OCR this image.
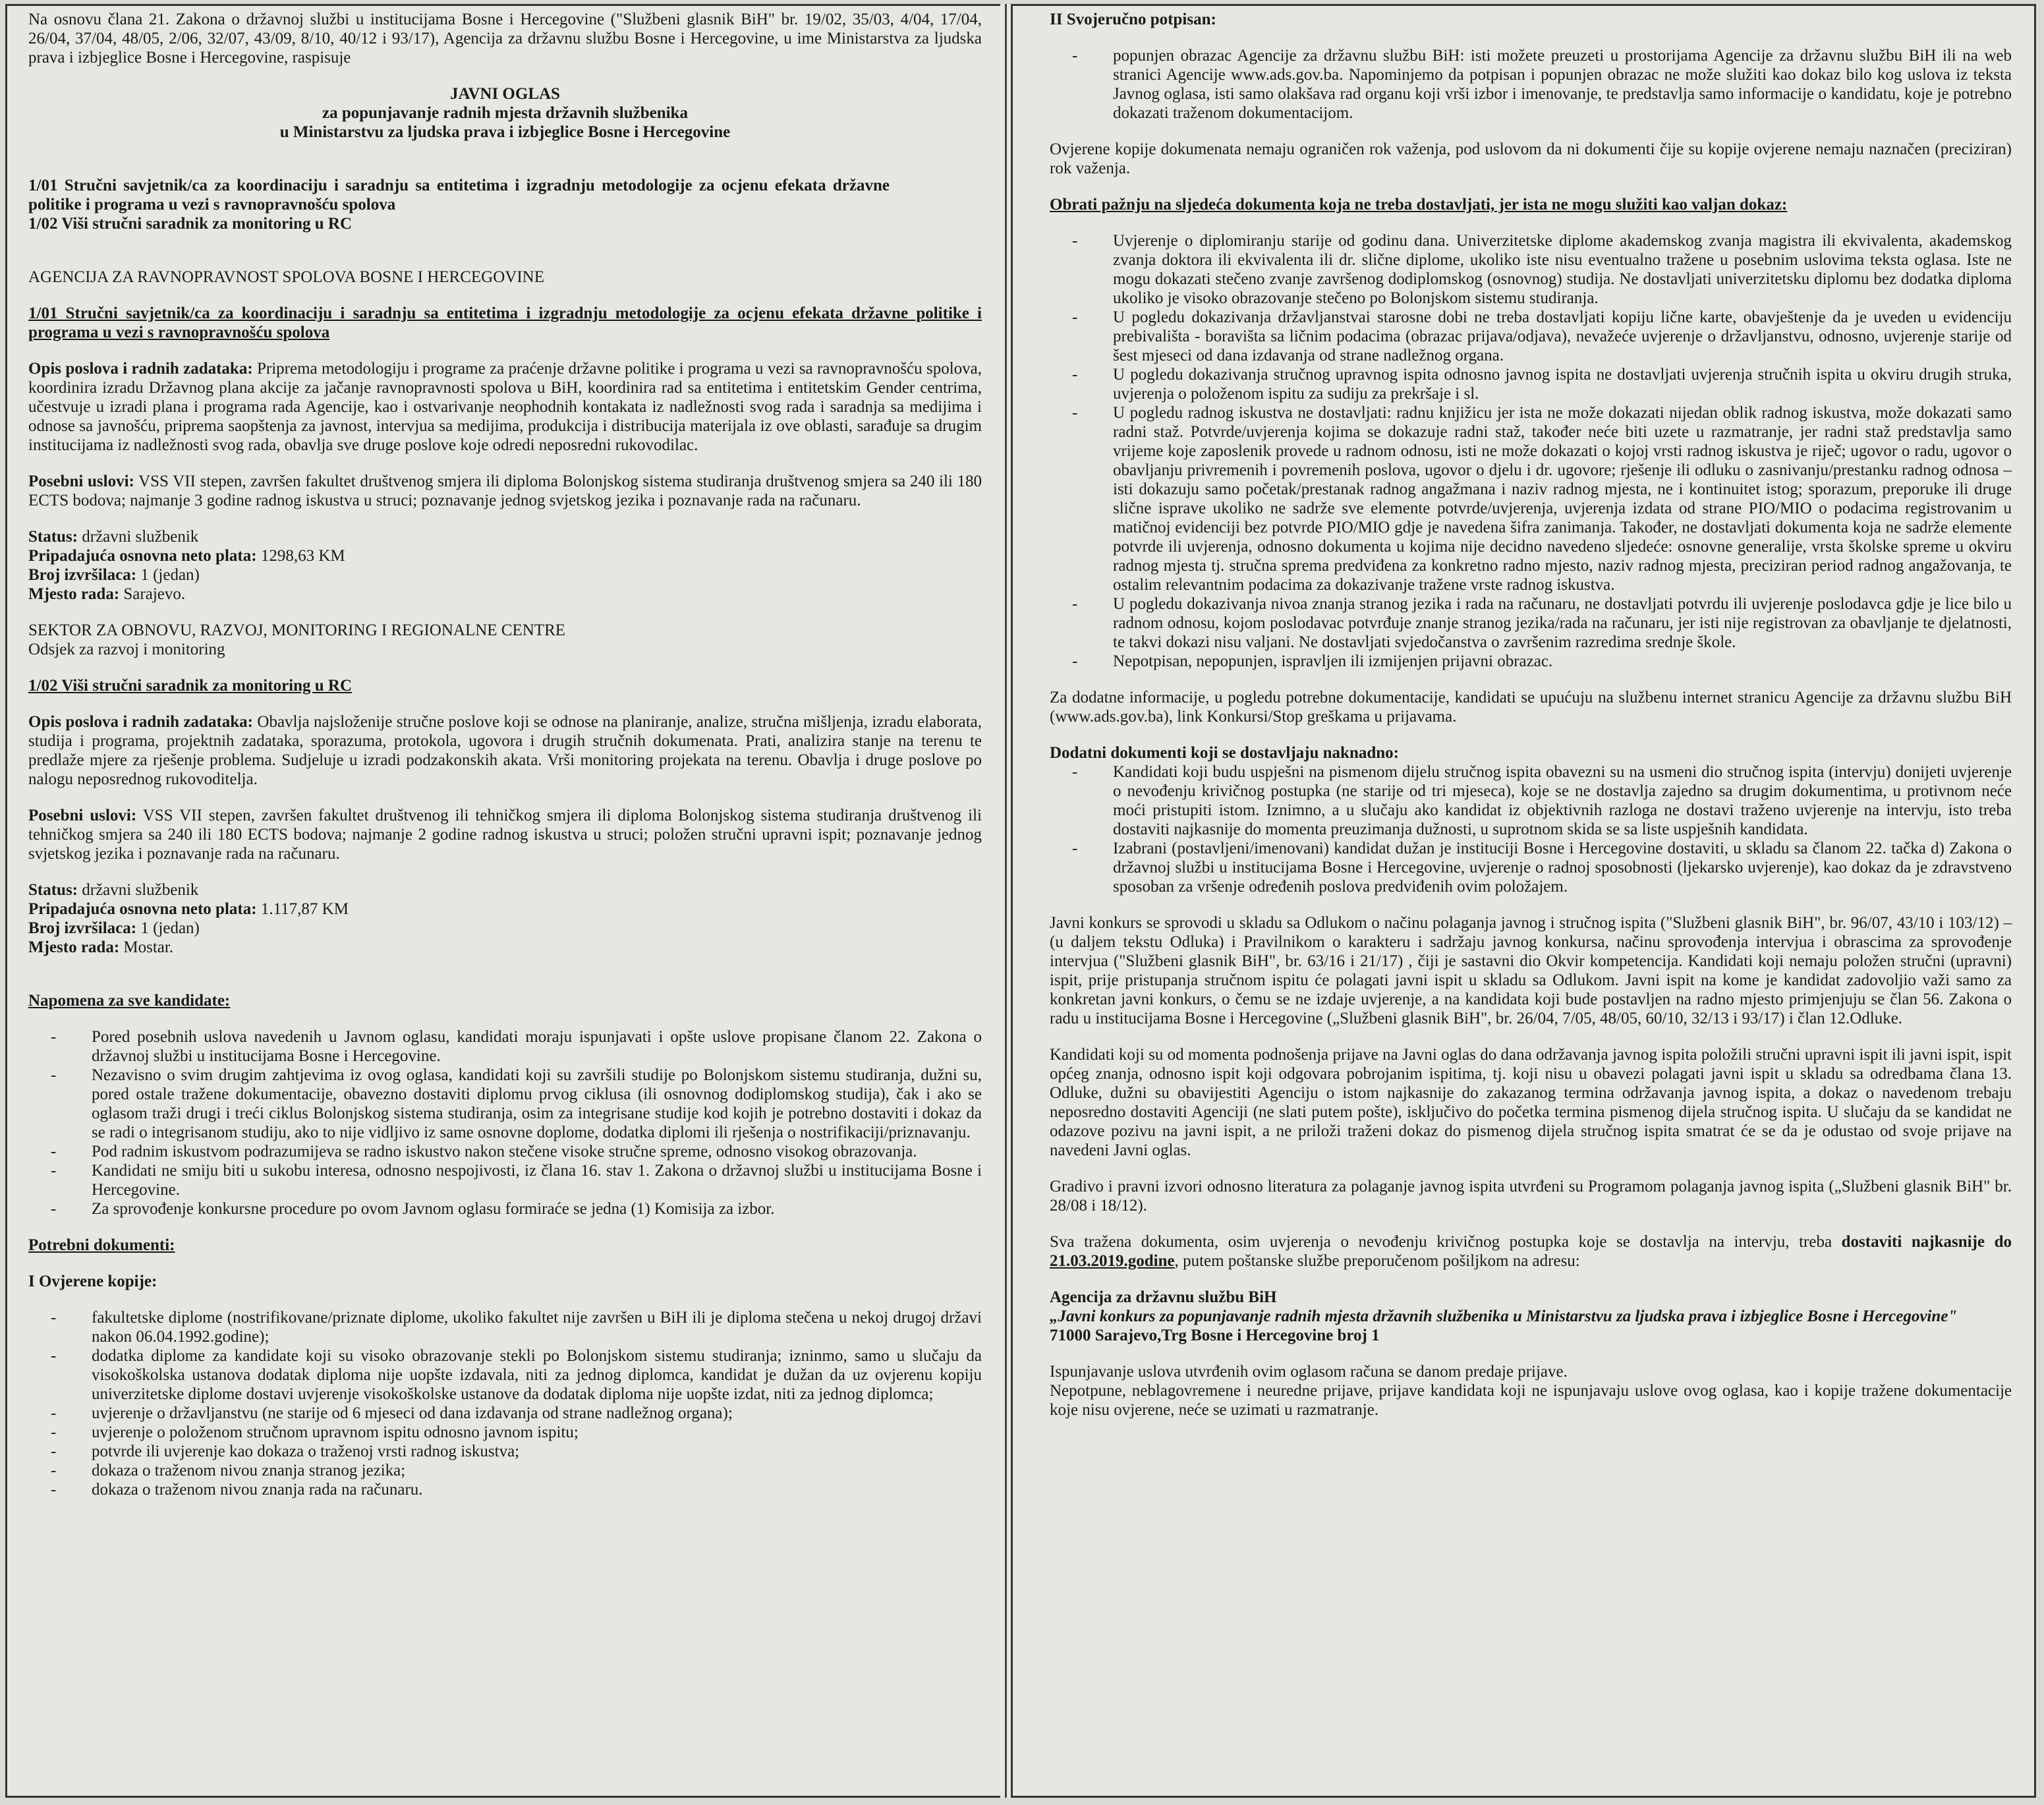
Na osnovu člana 21. Zakona o državnoj službi u institucijama Bosne i Hercegovine ("Službeni glasnik BiH" br. 19/02, 35/03, 4/04, 17/04, 26/04, 37/04, 48/05, 2/06, 32/07, 43/09, 8/10, 40/12 i 93/17), Agencija za državnu službu Bosne i Hercegovine, u ime Ministarstva za ljudska prava i izbjeglice Bosne i Hercegovine, raspisuje

JAVNI OGLAS

za popunjavanje radnih mjesta državnih službenika

u Ministarstvu za ljudska prava i izbjeglice Bosne i Hercegovine

1/01 Stručni savjetnik/ca za koordinaciju i saradnju sa entitetima i izgradnju metodologije za ocjenu efekata državne politike i programa u vezi s ravnopravnošću spolova

1/02 Viši stručni saradnik za monitoring u RC

AGENCIJA ZA RAVNOPRAVNOST SPOLOVA BOSNE I HERCEGOVINE

1/01 Stručni savjetnik/ca za koordinaciju i saradnju sa entitetima i izgradnju metodologije za ocjenu efekata državne politike i programa u vezi s ravnopravnošću spolova

Opis poslova i radnih zadataka: Priprema metodologiju i programe za praćenje državne politike i programa u vezi sa ravnopravnošću spolova, koordinira izradu Državnog plana akcije za jačanje ravnopravnosti spolova u BiH, koordinira rad sa entitetima i entitetskim Gender centrima, učestvuje u izradi plana i programa rada Agencije, kao i ostvarivanje neophodnih kontakata iz nadležnosti svog rada i saradnja sa medijima i odnose sa javnošću, priprema saopštenja za javnost, intervjua sa medijima, produkcija i distribucija materijala iz ove oblasti, sarađuje sa drugim institucijama iz nadležnosti svog rada, obavlja sve druge poslove koje odredi neposredni rukovodilac.

Posebni uslovi: VSS VII stepen, završen fakultet društvenog smjera ili diploma Bolonjskog sistema studiranja društvenog smjera sa 240 ili 180 ECTS bodova; najmanje 3 godine radnog iskustva u struci; poznavanje jednog svjetskog jezika i poznavanje rada na računaru.

Status: državni službenik

Pripadajuća osnovna neto plata: 1298,63 KM

Broj izvršilaca: 1 (jedan)

Mjesto rada: Sarajevo.

SEKTOR ZA OBNOVU, RAZVOJ, MONITORING I REGIONALNE CENTRE

Odsjek za razvoj i monitoring

1/02 Viši stručni saradnik za monitoring u RC

Opis poslova i radnih zadataka: Obavlja najsloženije stručne poslove koji se odnose na planiranje, analize, stručna mišljenja, izradu elaborata, studija i programa, projektnih zadataka, sporazuma, protokola, ugovora i drugih stručnih dokumenata. Prati, analizira stanje na terenu te predlaže mjere za rješenje problema. Sudjeluje u izradi podzakonskih akata. Vrši monitoring projekata na terenu. Obavlja i druge poslove po nalogu neposrednog rukovoditelja.

Posebni uslovi: VSS VII stepen, završen fakultet društvenog ili tehničkog smjera ili diploma Bolonjskog sistema studiranja društvenog ili tehničkog smjera sa 240 ili 180 ECTS bodova; najmanje 2 godine radnog iskustva u struci; položen stručni upravni ispit; poznavanje jednog svjetskog jezika i poznavanje rada na računaru.

Status: državni službenik

Pripadajuća osnovna neto plata: 1.117,87 KM

Broj izvršilaca: 1 (jedan)

Mjesto rada: Mostar.

Napomena za sve kandidate:

- Pored posebnih uslova navedenih u Javnom oglasu, kandidati moraju ispunjavati i opšte uslove propisane članom 22. Zakona o državnoj službi u institucijama Bosne i Hercegovine.
- Nezavisno o svim drugim zahtjevima iz ovog oglasa, kandidati koji su završili studije po Bolonjskom sistemu studiranja, dužni su, pored ostale tražene dokumentacije, obavezno dostaviti diplomu prvog ciklusa (ili osnovnog dodiplomskog studija), čak i ako se oglasom traži drugi i treći ciklus Bolonjskog sistema studiranja, osim za integrisane studije kod kojih je potrebno dostaviti i dokaz da se radi o integrisanom studiju, ako to nije vidljivo iz same osnovne doplome, dodatka diplomi ili rješenja o nostrifikaciji/priznavanju.
- Pod radnim iskustvom podrazumijeva se radno iskustvo nakon stečene visoke stručne spreme, odnosno visokog obrazovanja.
- Kandidati ne smiju biti u sukobu interesa, odnosno nespojivosti, iz člana 16. stav 1. Zakona o državnoj službi u institucijama Bosne i Hercegovine.
- Za sprovođenje konkursne procedure po ovom Javnom oglasu formiraće se jedna (1) Komisija za izbor.

Potrebni dokumenti:

I Ovjerene kopije:

- fakultetske diplome (nostrifikovane/priznate diplome, ukoliko fakultet nije završen u BiH ili je diploma stečena u nekoj drugoj državi nakon 06.04.1992.godine);
- dodatka diplome za kandidate koji su visoko obrazovanje stekli po Bolonjskom sistemu studiranja; izninmo, samo u slučaju da visokoškolska ustanova dodatak diploma nije uopšte izdavala, niti za jednog diplomca, kandidat je dužan da uz ovjerenu kopiju univerzitetske diplome dostavi uvjerenje visokoškolske ustanove da dodatak diploma nije uopšte izdat, niti za jednog diplomca;
- uvjerenje o državljanstvu (ne starije od 6 mjeseci od dana izdavanja od strane nadležnog organa);
- uvjerenje o položenom stručnom upravnom ispitu odnosno javnom ispitu;
- potvrde ili uvjerenje kao dokaza o traženoj vrsti radnog iskustva;
- dokaza o traženom nivou znanja stranog jezika;
- dokaza o traženom nivou znanja rada na računaru.

II Svojeručno potpisan:

- popunjen obrazac Agencije za državnu službu BiH: isti možete preuzeti u prostorijama Agencije za državnu službu BiH ili na web stranici Agencije www.ads.gov.ba. Napominjemo da potpisan i popunjen obrazac ne može služiti kao dokaz bilo kog uslova iz teksta Javnog oglasa, isti samo olakšava rad organu koji vrši izbor i imenovanje, te predstavlja samo informacije o kandidatu, koje je potrebno dokazati traženom dokumentacijom.

Ovjerene kopije dokumenata nemaju ograničen rok važenja, pod uslovom da ni dokumenti čije su kopije ovjerene nemaju naznačen (preciziran) rok važenja.

Obrati pažnju na sljedeća dokumenta koja ne treba dostavljati, jer ista ne mogu služiti kao valjan dokaz:

- Uvjerenje o diplomiranju starije od godinu dana. Univerzitetske diplome akademskog zvanja magistra ili ekvivalenta, akademskog zvanja doktora ili ekvivalenta ili dr. slične diplome, ukoliko iste nisu eventualno tražene u posebnim uslovima teksta oglasa. Iste ne mogu dokazati stečeno zvanje završenog dodiplomskog (osnovnog) studija. Ne dostavljati univerzitetsku diplomu bez dodatka diploma ukoliko je visoko obrazovanje stečeno po Bolonjskom sistemu studiranja.
- U pogledu dokazivanja državljanstvai starosne dobi ne treba dostavljati kopiju lične karte, obavještenje da je uveden u evidenciju prebivališta - boravišta sa ličnim podacima (obrazac prijava/odjava), nevažeće uvjerenje o državljanstvu, odnosno, uvjerenje starije od šest mjeseci od dana izdavanja od strane nadležnog organa.
- U pogledu dokazivanja stručnog upravnog ispita odnosno javnog ispita ne dostavljati uvjerenja stručnih ispita u okviru drugih struka, uvjerenja o položenom ispitu za sudiju za prekršaje i sl.
- U pogledu radnog iskustva ne dostavljati: radnu knjižicu jer ista ne može dokazati nijedan oblik radnog iskustva, može dokazati samo radni staž. Potvrde/uvjerenja kojima se dokazuje radni staž, također neće biti uzete u razmatranje, jer radni staž predstavlja samo vrijeme koje zaposlenik provede u radnom odnosu, isti ne može dokazati o kojoj vrsti radnog iskustva je riječ; ugovor o radu, ugovor o obavljanju privremenih i povremenih poslova, ugovor o djelu i dr. ugovore; rješenje ili odluku o zasnivanju/prestanku radnog odnosa – isti dokazuju samo početak/prestanak radnog angažmana i naziv radnog mjesta, ne i kontinuitet istog; sporazum, preporuke ili druge slične isprave ukoliko ne sadrže sve elemente potvrde/uvjerenja, uvjerenja izdata od strane PIO/MIO o podacima registrovanim u matičnoj evidenciji bez potvrde PIO/MIO gdje je navedena šifra zanimanja. Također, ne dostavljati dokumenta koja ne sadrže elemente potvrde ili uvjerenja, odnosno dokumenta u kojima nije decidno navedeno sljedeće: osnovne generalije, vrsta školske spreme u okviru radnog mjesta tj. stručna sprema predviđena za konkretno radno mjesto, naziv radnog mjesta, preciziran period radnog angažovanja, te ostalim relevantnim podacima za dokazivanje tražene vrste radnog iskustva.
- U pogledu dokazivanja nivoa znanja stranog jezika i rada na računaru, ne dostavljati potvrdu ili uvjerenje poslodavca gdje je lice bilo u radnom odnosu, kojom poslodavac potvrđuje znanje stranog jezika/rada na računaru, jer isti nije registrovan za obavljanje te djelatnosti, te takvi dokazi nisu valjani. Ne dostavljati svjedočanstva o završenim razredima srednje škole.
- Nepotpisan, nepopunjen, ispravljen ili izmijenjen prijavni obrazac.

Za dodatne informacije, u pogledu potrebne dokumentacije, kandidati se upućuju na službenu internet stranicu Agencije za državnu službu BiH (www.ads.gov.ba), link Konkursi/Stop greškama u prijavama.

Dodatni dokumenti koji se dostavljaju naknadno:

- Kandidati koji budu uspješni na pismenom dijelu stručnog ispita obavezni su na usmeni dio stručnog ispita (intervju) donijeti uvjerenje o nevođenju krivičnog postupka (ne starije od tri mjeseca), koje se ne dostavlja zajedno sa drugim dokumentima, u protivnom neće moći pristupiti istom. Iznimno, a u slučaju ako kandidat iz objektivnih razloga ne dostavi traženo uvjerenje na intervju, isto treba dostaviti najkasnije do momenta preuzimanja dužnosti, u suprotnom skida se sa liste uspješnih kandidata.
- Izabrani (postavljeni/imenovani) kandidat dužan je instituciji Bosne i Hercegovine dostaviti, u skladu sa članom 22. tačka d) Zakona o državnoj službi u institucijama Bosne i Hercegovine, uvjerenje o radnoj sposobnosti (ljekarsko uvjerenje), kao dokaz da je zdravstveno sposoban za vršenje određenih poslova predviđenih ovim položajem.

Javni konkurs se sprovodi u skladu sa Odlukom o načinu polaganja javnog i stručnog ispita ("Službeni glasnik BiH", br. 96/07, 43/10 i 103/12) – (u daljem tekstu Odluka) i Pravilnikom o karakteru i sadržaju javnog konkursa, načinu sprovođenja intervjua i obrascima za sprovođenje intervjua ("Službeni glasnik BiH", br. 63/16 i 21/17) , čiji je sastavni dio Okvir kompetencija. Kandidati koji nemaju položen stručni (upravni) ispit, prije pristupanja stručnom ispitu će polagati javni ispit u skladu sa Odlukom. Javni ispit na kome je kandidat zadovoljio važi samo za konkretan javni konkurs, o čemu se ne izdaje uvjerenje, a na kandidata koji bude postavljen na radno mjesto primjenjuju se član 56. Zakona o radu u institucijama Bosne i Hercegovine („Službeni glasnik BiH", br. 26/04, 7/05, 48/05, 60/10, 32/13 i 93/17) i član 12.Odluke.

Kandidati koji su od momenta podnošenja prijave na Javni oglas do dana održavanja javnog ispita položili stručni upravni ispit ili javni ispit, ispit općeg znanja, odnosno ispit koji odgovara pobrojanim ispitima, tj. koji nisu u obavezi polagati javni ispit u skladu sa odredbama člana 13. Odluke, dužni su obavijestiti Agenciju o istom najkasnije do zakazanog termina održavanja javnog ispita, a dokaz o navedenom trebaju neposredno dostaviti Agenciji (ne slati putem pošte), isključivo do početka termina pismenog dijela stručnog ispita. U slučaju da se kandidat ne odazove pozivu na javni ispit, a ne priloži traženi dokaz do pismenog dijela stručnog ispita smatrat će se da je odustao od svoje prijave na navedeni Javni oglas.

Gradivo i pravni izvori odnosno literatura za polaganje javnog ispita utvrđeni su Programom polaganja javnog ispita („Službeni glasnik BiH" br. 28/08 i 18/12).

Sva tražena dokumenta, osim uvjerenja o nevođenju krivičnog postupka koje se dostavlja na intervju, treba dostaviti najkasnije do 21.03.2019.godine, putem poštanske službe preporučenom pošiljkom na adresu:

Agencija za državnu službu BiH

„Javni konkurs za popunjavanje radnih mjesta državnih službenika u Ministarstvu za ljudska prava i izbjeglice Bosne i Hercegovine"

71000 Sarajevo,Trg Bosne i Hercegovine broj 1

Ispunjavanje uslova utvrđenih ovim oglasom računa se danom predaje prijave.

Nepotpune, neblagovremene i neuredne prijave, prijave kandidata koji ne ispunjavaju uslove ovog oglasa, kao i kopije tražene dokumentacije koje nisu ovjerene, neće se uzimati u razmatranje.
